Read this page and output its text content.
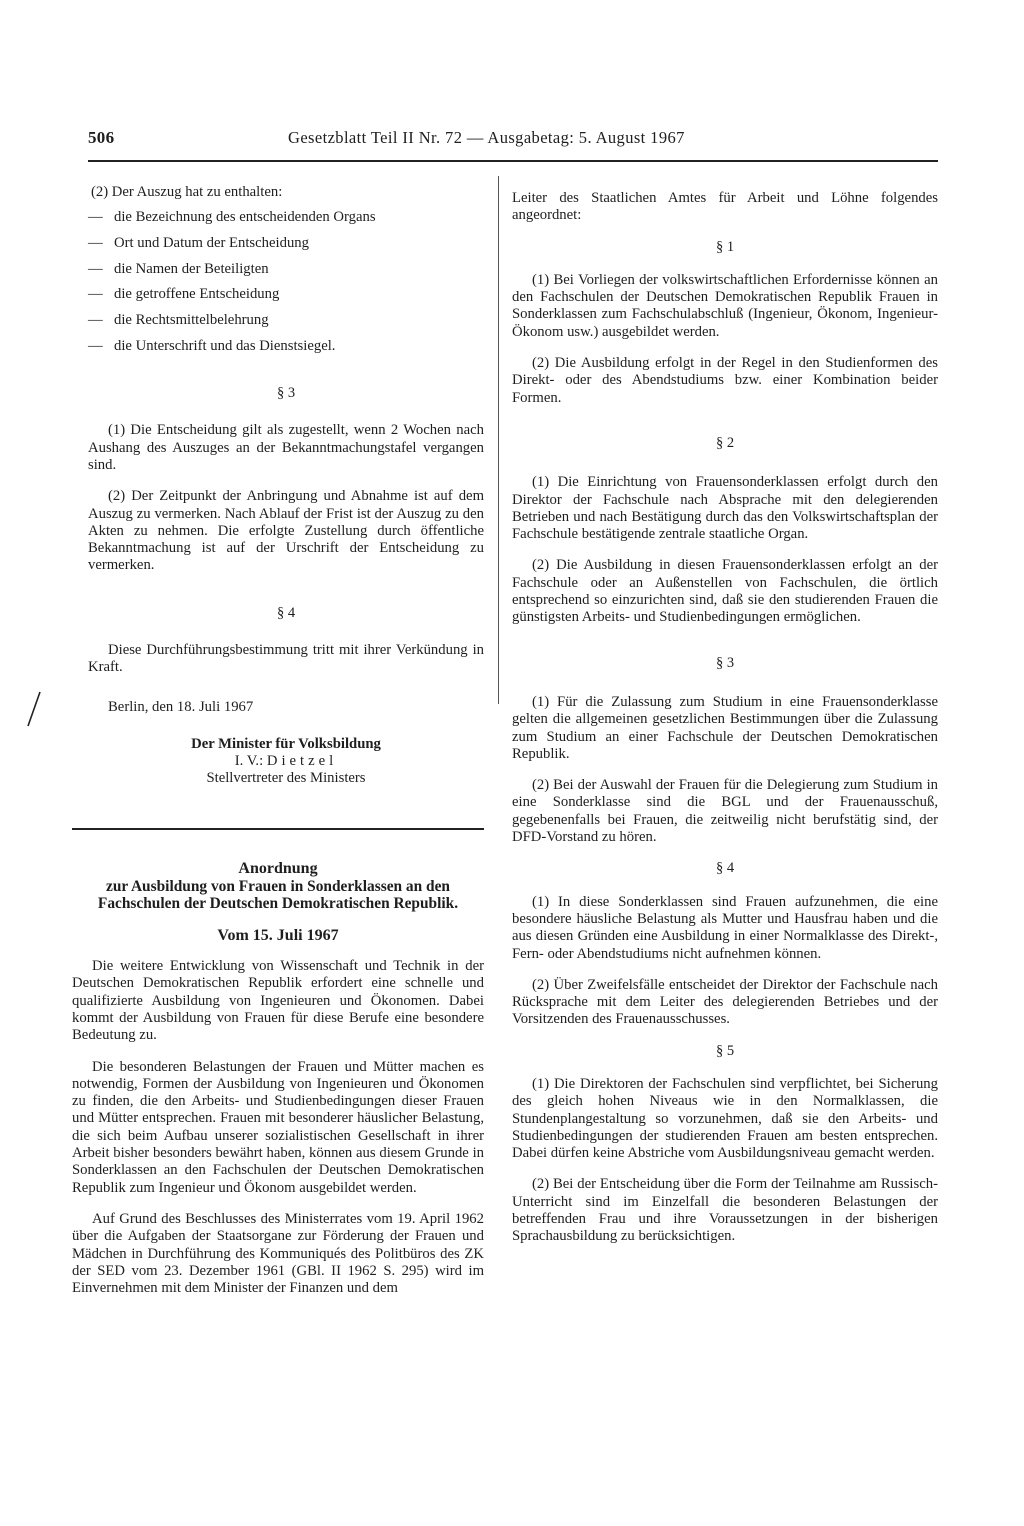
506	Gesetzblatt Teil II Nr. 72 — Ausgabetag: 5. August 1967

(2) Der Auszug hat zu enthalten:

— die Bezeichnung des entscheidenden Organs
— Ort und Datum der Entscheidung
— die Namen der Beteiligten
— die getroffene Entscheidung
— die Rechtsmittelbelehrung
— die Unterschrift und das Dienstsiegel.
§ 3

(1) Die Entscheidung gilt als zugestellt, wenn 2 Wochen nach Aushang des Auszuges an der Bekanntmachungstafel vergangen sind.

(2) Der Zeitpunkt der Anbringung und Abnahme ist auf dem Auszug zu vermerken. Nach Ablauf der Frist ist der Auszug zu den Akten zu nehmen. Die erfolgte Zustellung durch öffentliche Bekanntmachung ist auf der Urschrift der Entscheidung zu vermerken.

§ 4

Diese Durchführungsbestimmung tritt mit ihrer Verkündung in Kraft.

Berlin, den 18. Juli 1967

Der Minister für Volksbildung
I. V.: Dietzel
Stellvertreter des Ministers
Anordnung
zur Ausbildung von Frauen in Sonderklassen an den Fachschulen der Deutschen Demokratischen Republik.
Vom 15. Juli 1967

Die weitere Entwicklung von Wissenschaft und Technik in der Deutschen Demokratischen Republik erfordert eine schnelle und qualifizierte Ausbildung von Ingenieuren und Ökonomen. Dabei kommt der Ausbildung von Frauen für diese Berufe eine besondere Bedeutung zu.

Die besonderen Belastungen der Frauen und Mütter machen es notwendig, Formen der Ausbildung von Ingenieuren und Ökonomen zu finden, die den Arbeits- und Studienbedingungen dieser Frauen und Mütter entsprechen. Frauen mit besonderer häuslicher Belastung, die sich beim Aufbau unserer sozialistischen Gesellschaft in ihrer Arbeit bisher besonders bewährt haben, können aus diesem Grunde in Sonderklassen an den Fachschulen der Deutschen Demokratischen Republik zum Ingenieur und Ökonom ausgebildet werden.

Auf Grund des Beschlusses des Ministerrates vom 19. April 1962 über die Aufgaben der Staatsorgane zur Förderung der Frauen und Mädchen in Durchführung des Kommuniqués des Politbüros des ZK der SED vom 23. Dezember 1961 (GBl. II 1962 S. 295) wird im Einvernehmen mit dem Minister der Finanzen und dem

Leiter des Staatlichen Amtes für Arbeit und Löhne folgendes angeordnet:

§ 1

(1) Bei Vorliegen der volkswirtschaftlichen Erfordernisse können an den Fachschulen der Deutschen Demokratischen Republik Frauen in Sonderklassen zum Fachschulabschluß (Ingenieur, Ökonom, Ingenieur-Ökonom usw.) ausgebildet werden.

(2) Die Ausbildung erfolgt in der Regel in den Studienformen des Direkt- oder des Abendstudiums bzw. einer Kombination beider Formen.

§ 2

(1) Die Einrichtung von Frauensonderklassen erfolgt durch den Direktor der Fachschule nach Absprache mit den delegierenden Betrieben und nach Bestätigung durch das den Volkswirtschaftsplan der Fachschule bestätigende zentrale staatliche Organ.

(2) Die Ausbildung in diesen Frauensonderklassen erfolgt an der Fachschule oder an Außenstellen von Fachschulen, die örtlich entsprechend so einzurichten sind, daß sie den studierenden Frauen die günstigsten Arbeits- und Studienbedingungen ermöglichen.

§ 3

(1) Für die Zulassung zum Studium in eine Frauensonderklasse gelten die allgemeinen gesetzlichen Bestimmungen über die Zulassung zum Studium an einer Fachschule der Deutschen Demokratischen Republik.

(2) Bei der Auswahl der Frauen für die Delegierung zum Studium in eine Sonderklasse sind die BGL und der Frauenausschuß, gegebenenfalls bei Frauen, die zeitweilig nicht berufstätig sind, der DFD-Vorstand zu hören.

§ 4

(1) In diese Sonderklassen sind Frauen aufzunehmen, die eine besondere häusliche Belastung als Mutter und Hausfrau haben und die aus diesen Gründen eine Ausbildung in einer Normalklasse des Direkt-, Fern- oder Abendstudiums nicht aufnehmen können.

(2) Über Zweifelsfälle entscheidet der Direktor der Fachschule nach Rücksprache mit dem Leiter des delegierenden Betriebes und der Vorsitzenden des Frauenausschusses.

§ 5

(1) Die Direktoren der Fachschulen sind verpflichtet, bei Sicherung des gleich hohen Niveaus wie in den Normalklassen, die Stundenplangestaltung so vorzunehmen, daß sie den Arbeits- und Studienbedingungen der studierenden Frauen am besten entsprechen. Dabei dürfen keine Abstriche vom Ausbildungsniveau gemacht werden.

(2) Bei der Entscheidung über die Form der Teilnahme am Russisch-Unterricht sind im Einzelfall die besonderen Belastungen der betreffenden Frau und ihre Voraussetzungen in der bisherigen Sprachausbildung zu berücksichtigen.
